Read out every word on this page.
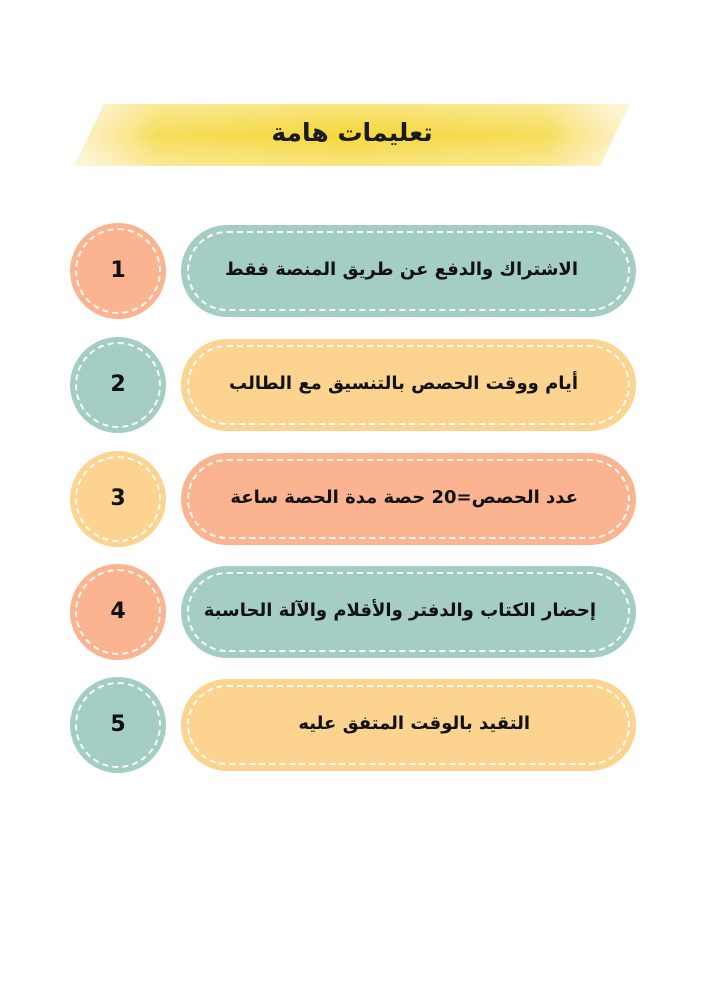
تعليمات هامة
الاشتراك والدفع عن طريق المنصة فقط
1
أيام ووقت الحصص بالتنسيق مع الطالب
2
عدد الحصص=20 حصة مدة الحصة ساعة
3
إحضار الكتاب والدفتر والأقلام والآلة الحاسبة
4
التقيد بالوقت المتفق عليه
5
